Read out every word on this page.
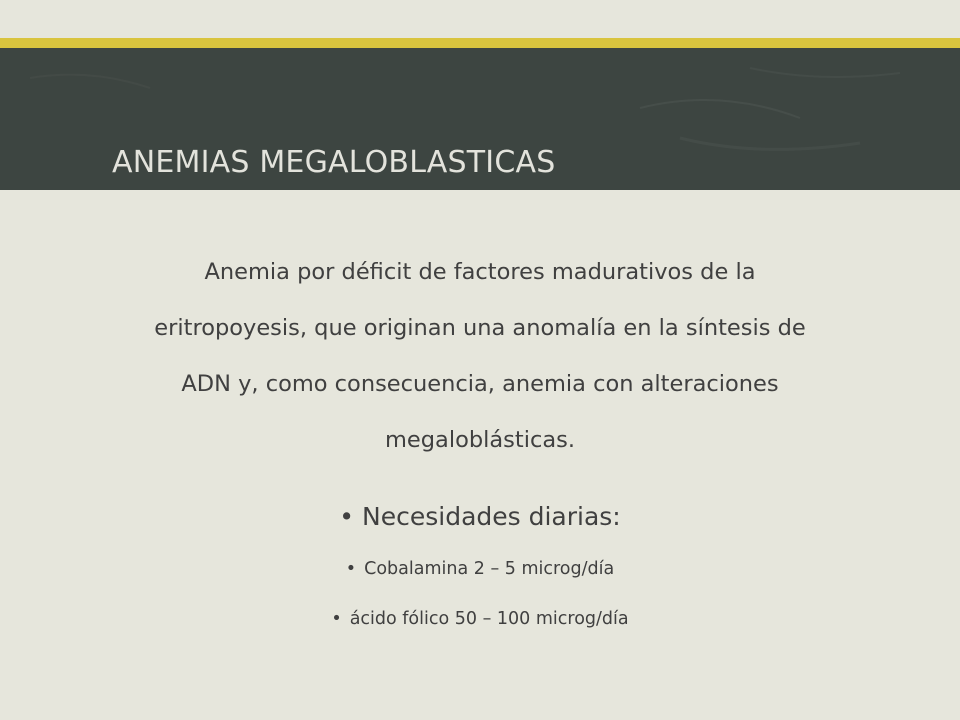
ANEMIAS MEGALOBLASTICAS

Anemia por déficit de factores madurativos de la
eritropoyesis, que originan una anomalía en la síntesis de
ADN y, como consecuencia, anemia con alteraciones
megaloblásticas.

• Necesidades diarias:

• Cobalamina 2 – 5 microg/día
• ácido fólico 50 – 100 microg/día
